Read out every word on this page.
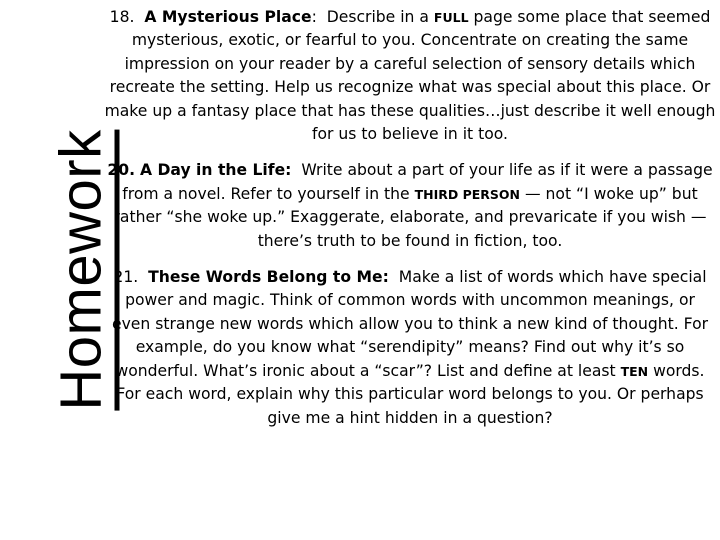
Homework

18. A Mysterious Place:  Describe in a FULL page some place that seemed mysterious, exotic, or fearful to you. Concentrate on creating the same impression on your reader by a careful selection of sensory details which recreate the setting. Help us recognize what was special about this place. Or make up a fantasy place that has these qualities…just describe it well enough for us to believe in it too.

20. A Day in the Life: Write about a part of your life as if it were a passage from a novel. Refer to yourself in the THIRD PERSON — not “I woke up” but rather “she woke up.” Exaggerate, elaborate, and prevaricate if you wish — there’s truth to be found in fiction, too.

21. These Words Belong to Me: Make a list of words which have special power and magic. Think of common words with uncommon meanings, or even strange new words which allow you to think a new kind of thought. For example, do you know what “serendipity” means? Find out why it’s so wonderful. What’s ironic about a “scar”? List and define at least TEN words. For each word, explain why this particular word belongs to you. Or perhaps give me a hint hidden in a question?
